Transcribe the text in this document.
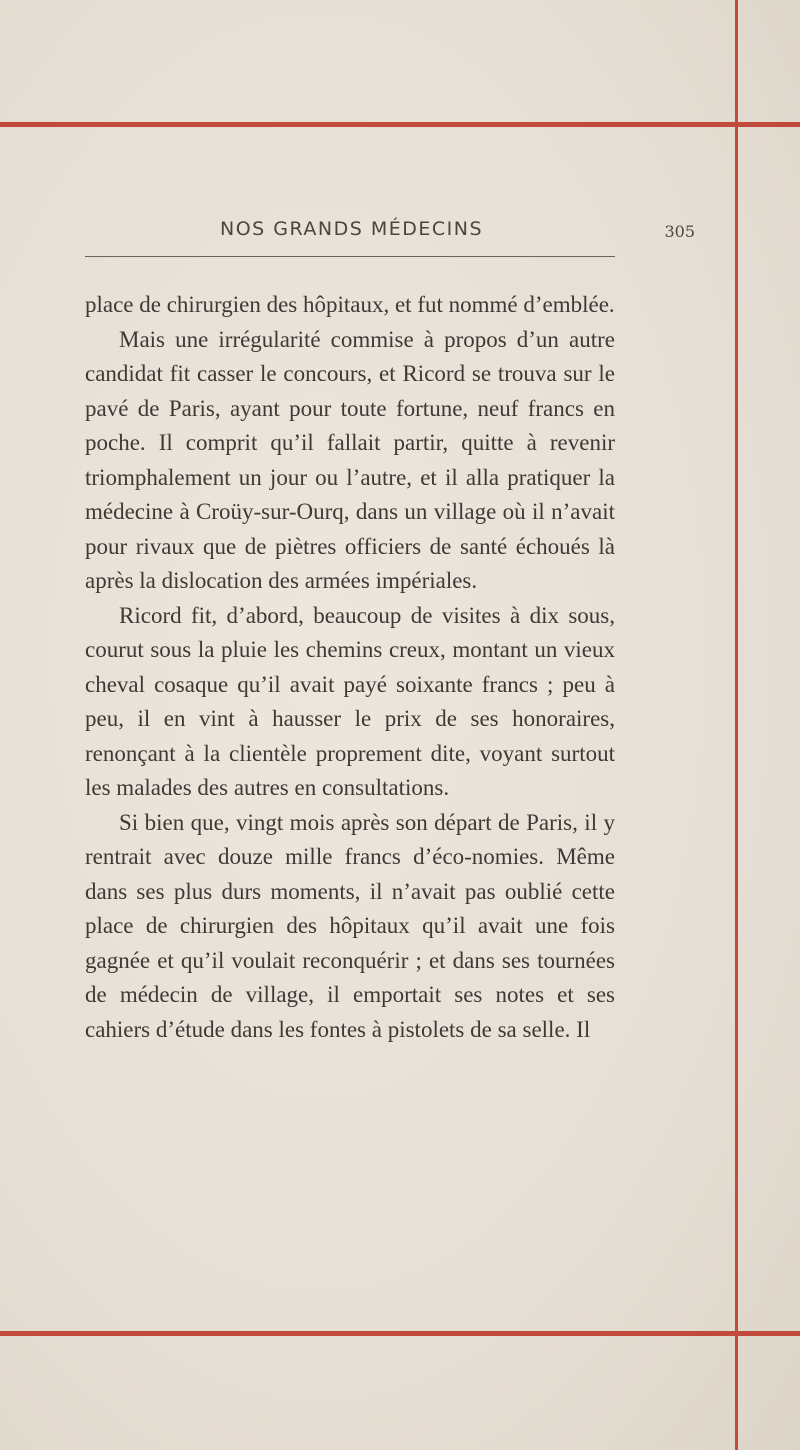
NOS GRANDS MÉDECINS	305

place de chirurgien des hôpitaux, et fut nommé d’emblée.

Mais une irrégularité commise à propos d’un autre candidat fit casser le concours, et Ricord se trouva sur le pavé de Paris, ayant pour toute fortune, neuf francs en poche. Il comprit qu’il fallait partir, quitte à revenir triomphalement un jour ou l’autre, et il alla pratiquer la médecine à Croüy-sur-Ourq, dans un village où il n’avait pour rivaux que de piètres officiers de santé échoués là après la dislocation des armées impériales.

Ricord fit, d’abord, beaucoup de visites à dix sous, courut sous la pluie les chemins creux, montant un vieux cheval cosaque qu’il avait payé soixante francs ; peu à peu, il en vint à hausser le prix de ses honoraires, renonçant à la clientèle proprement dite, voyant surtout les malades des autres en consultations.

Si bien que, vingt mois après son départ de Paris, il y rentrait avec douze mille francs d’éco-nomies. Même dans ses plus durs moments, il n’avait pas oublié cette place de chirurgien des hôpitaux qu’il avait une fois gagnée et qu’il voulait reconquérir ; et dans ses tournées de médecin de village, il emportait ses notes et ses cahiers d’étude dans les fontes à pistolets de sa selle. Il
